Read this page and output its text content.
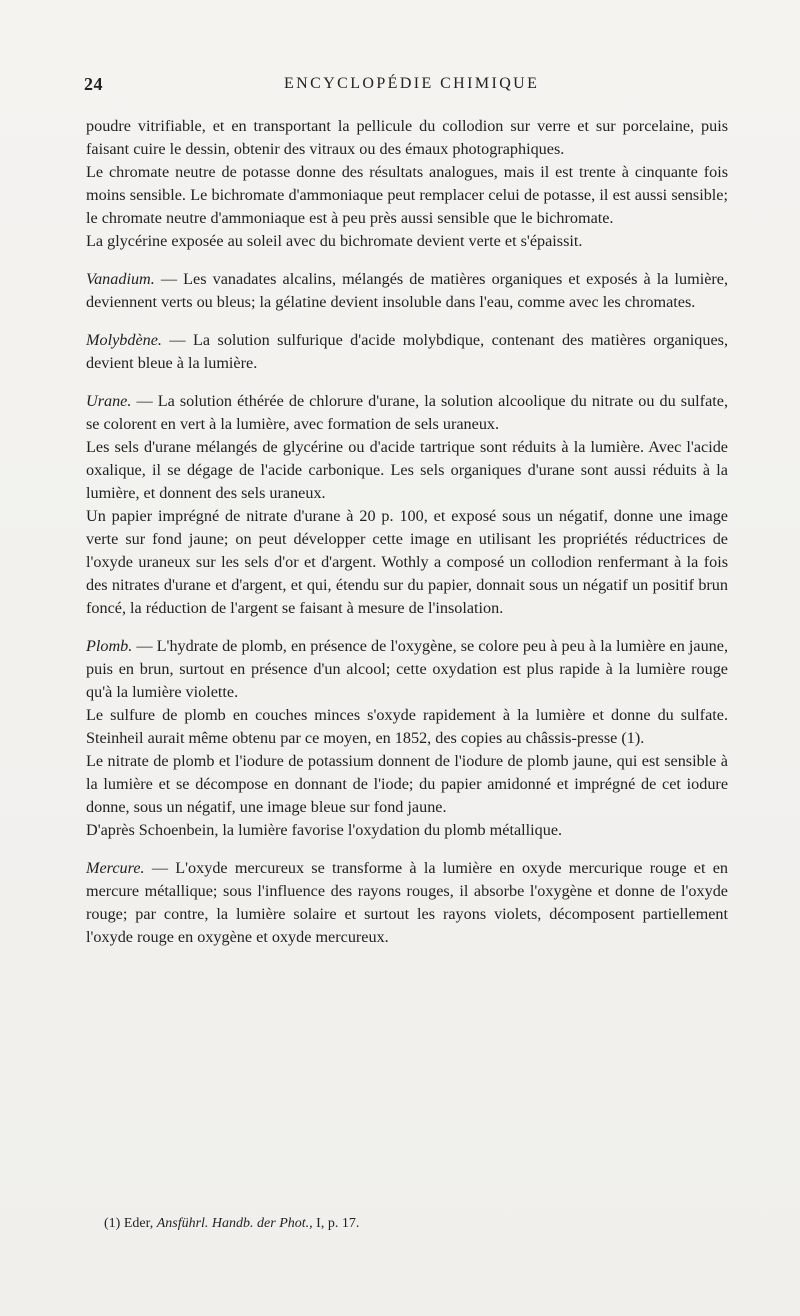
24	ENCYCLOPÉDIE CHIMIQUE

poudre vitrifiable, et en transportant la pellicule du collodion sur verre et sur porcelaine, puis faisant cuire le dessin, obtenir des vitraux ou des émaux photographiques.

Le chromate neutre de potasse donne des résultats analogues, mais il est trente à cinquante fois moins sensible. Le bichromate d'ammoniaque peut remplacer celui de potasse, il est aussi sensible; le chromate neutre d'ammoniaque est à peu près aussi sensible que le bichromate.

La glycérine exposée au soleil avec du bichromate devient verte et s'épaissit.

Vanadium. — Les vanadates alcalins, mélangés de matières organiques et exposés à la lumière, deviennent verts ou bleus; la gélatine devient insoluble dans l'eau, comme avec les chromates.

Molybdène. — La solution sulfurique d'acide molybdique, contenant des matières organiques, devient bleue à la lumière.

Urane. — La solution éthérée de chlorure d'urane, la solution alcoolique du nitrate ou du sulfate, se colorent en vert à la lumière, avec formation de sels uraneux.

Les sels d'urane mélangés de glycérine ou d'acide tartrique sont réduits à la lumière. Avec l'acide oxalique, il se dégage de l'acide carbonique. Les sels organiques d'urane sont aussi réduits à la lumière, et donnent des sels uraneux.

Un papier imprégné de nitrate d'urane à 20 p. 100, et exposé sous un négatif, donne une image verte sur fond jaune; on peut développer cette image en utilisant les propriétés réductrices de l'oxyde uraneux sur les sels d'or et d'argent. Wothly a composé un collodion renfermant à la fois des nitrates d'urane et d'argent, et qui, étendu sur du papier, donnait sous un négatif un positif brun foncé, la réduction de l'argent se faisant à mesure de l'insolation.

Plomb. — L'hydrate de plomb, en présence de l'oxygène, se colore peu à peu à la lumière en jaune, puis en brun, surtout en présence d'un alcool; cette oxydation est plus rapide à la lumière rouge qu'à la lumière violette.

Le sulfure de plomb en couches minces s'oxyde rapidement à la lumière et donne du sulfate. Steinheil aurait même obtenu par ce moyen, en 1852, des copies au châssis-presse (1).

Le nitrate de plomb et l'iodure de potassium donnent de l'iodure de plomb jaune, qui est sensible à la lumière et se décompose en donnant de l'iode; du papier amidonné et imprégné de cet iodure donne, sous un négatif, une image bleue sur fond jaune.

D'après Schoenbein, la lumière favorise l'oxydation du plomb métallique.

Mercure. — L'oxyde mercureux se transforme à la lumière en oxyde mercurique rouge et en mercure métallique; sous l'influence des rayons rouges, il absorbe l'oxygène et donne de l'oxyde rouge; par contre, la lumière solaire et surtout les rayons violets, décomposent partiellement l'oxyde rouge en oxygène et oxyde mercureux.

(1) Eder, Ansführl. Handb. der Phot., I, p. 17.
